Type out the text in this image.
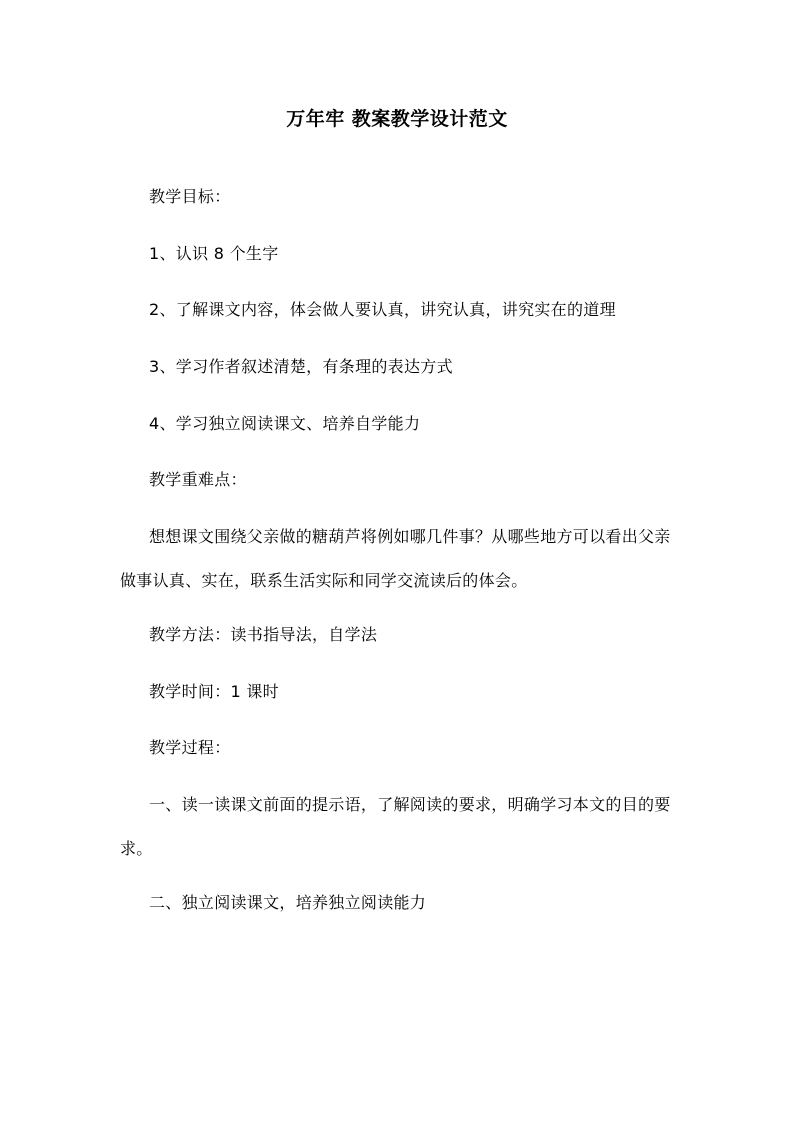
万年牢 教案教学设计范文
教学目标：
1、认识 8 个生字
2、了解课文内容，体会做人要认真，讲究认真，讲究实在的道理
3、学习作者叙述清楚，有条理的表达方式
4、学习独立阅读课文、培养自学能力
教学重难点：
想想课文围绕父亲做的糖葫芦将例如哪几件事？从哪些地方可以看出父亲做事认真、实在，联系生活实际和同学交流读后的体会。
教学方法：读书指导法，自学法
教学时间：1 课时
教学过程：
一、读一读课文前面的提示语，了解阅读的要求，明确学习本文的目的要求。
二、独立阅读课文，培养独立阅读能力
